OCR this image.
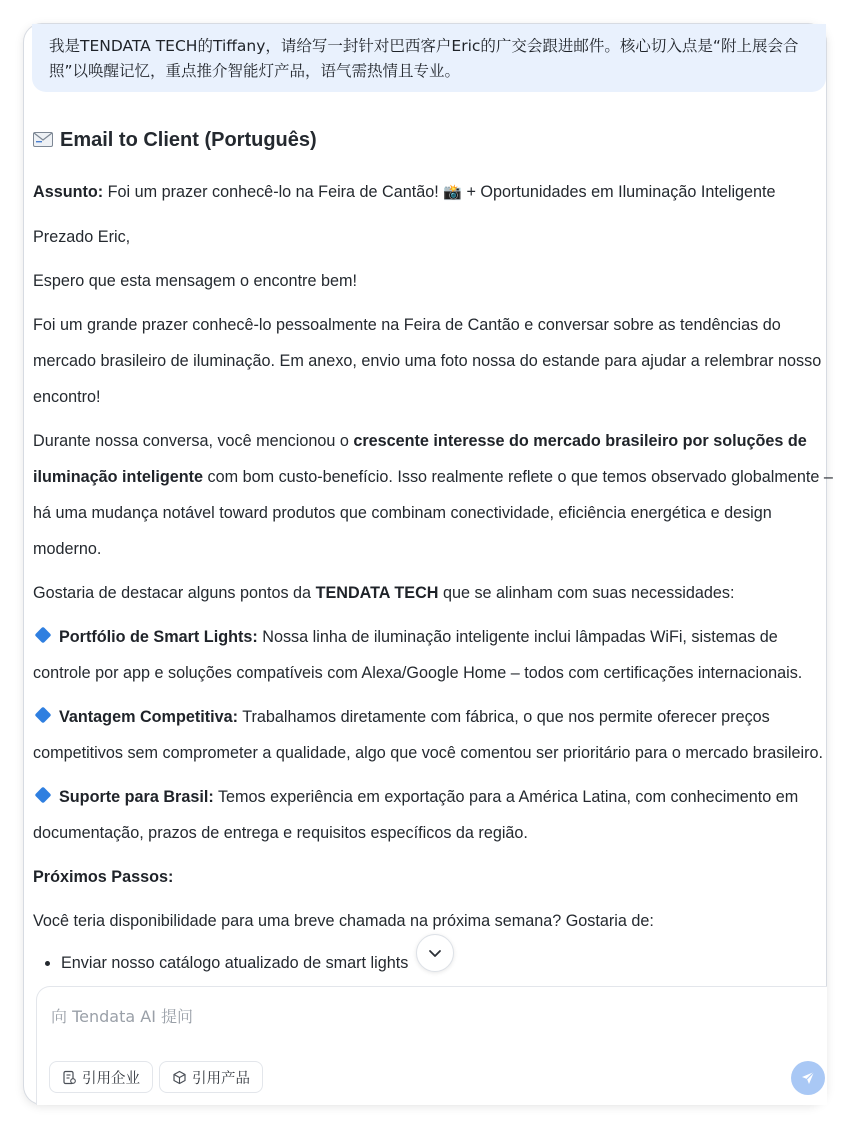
我是TENDATA TECH的Tiffany，请给写一封针对巴西客户Eric的广交会跟进邮件。核心切入点是“附上展会合照”以唤醒记忆，重点推介智能灯产品，语气需热情且专业。
Email to Client (Português)

Assunto: Foi um prazer conhecê-lo na Feira de Cantão! 📸 + Oportunidades em Iluminação Inteligente

Prezado Eric,

Espero que esta mensagem o encontre bem!

Foi um grande prazer conhecê-lo pessoalmente na Feira de Cantão e conversar sobre as tendências do mercado brasileiro de iluminação. Em anexo, envio uma foto nossa do estande para ajudar a relembrar nosso encontro!

Durante nossa conversa, você mencionou o crescente interesse do mercado brasileiro por soluções de iluminação inteligente com bom custo-benefício. Isso realmente reflete o que temos observado globalmente – há uma mudança notável toward produtos que combinam conectividade, eficiência energética e design moderno.

Gostaria de destacar alguns pontos da TENDATA TECH que se alinham com suas necessidades:

Portfólio de Smart Lights: Nossa linha de iluminação inteligente inclui lâmpadas WiFi, sistemas de controle por app e soluções compatíveis com Alexa/Google Home – todos com certificações internacionais.

Vantagem Competitiva: Trabalhamos diretamente com fábrica, o que nos permite oferecer preços competitivos sem comprometer a qualidade, algo que você comentou ser prioritário para o mercado brasileiro.

Suporte para Brasil: Temos experiência em exportação para a América Latina, com conhecimento em documentação, prazos de entrega e requisitos específicos da região.

Próximos Passos:

Você teria disponibilidade para uma breve chamada na próxima semana? Gostaria de:

• Enviar nosso catálogo atualizado de smart lights
•
向 Tendata AI 提问
引用企业	引用产品
